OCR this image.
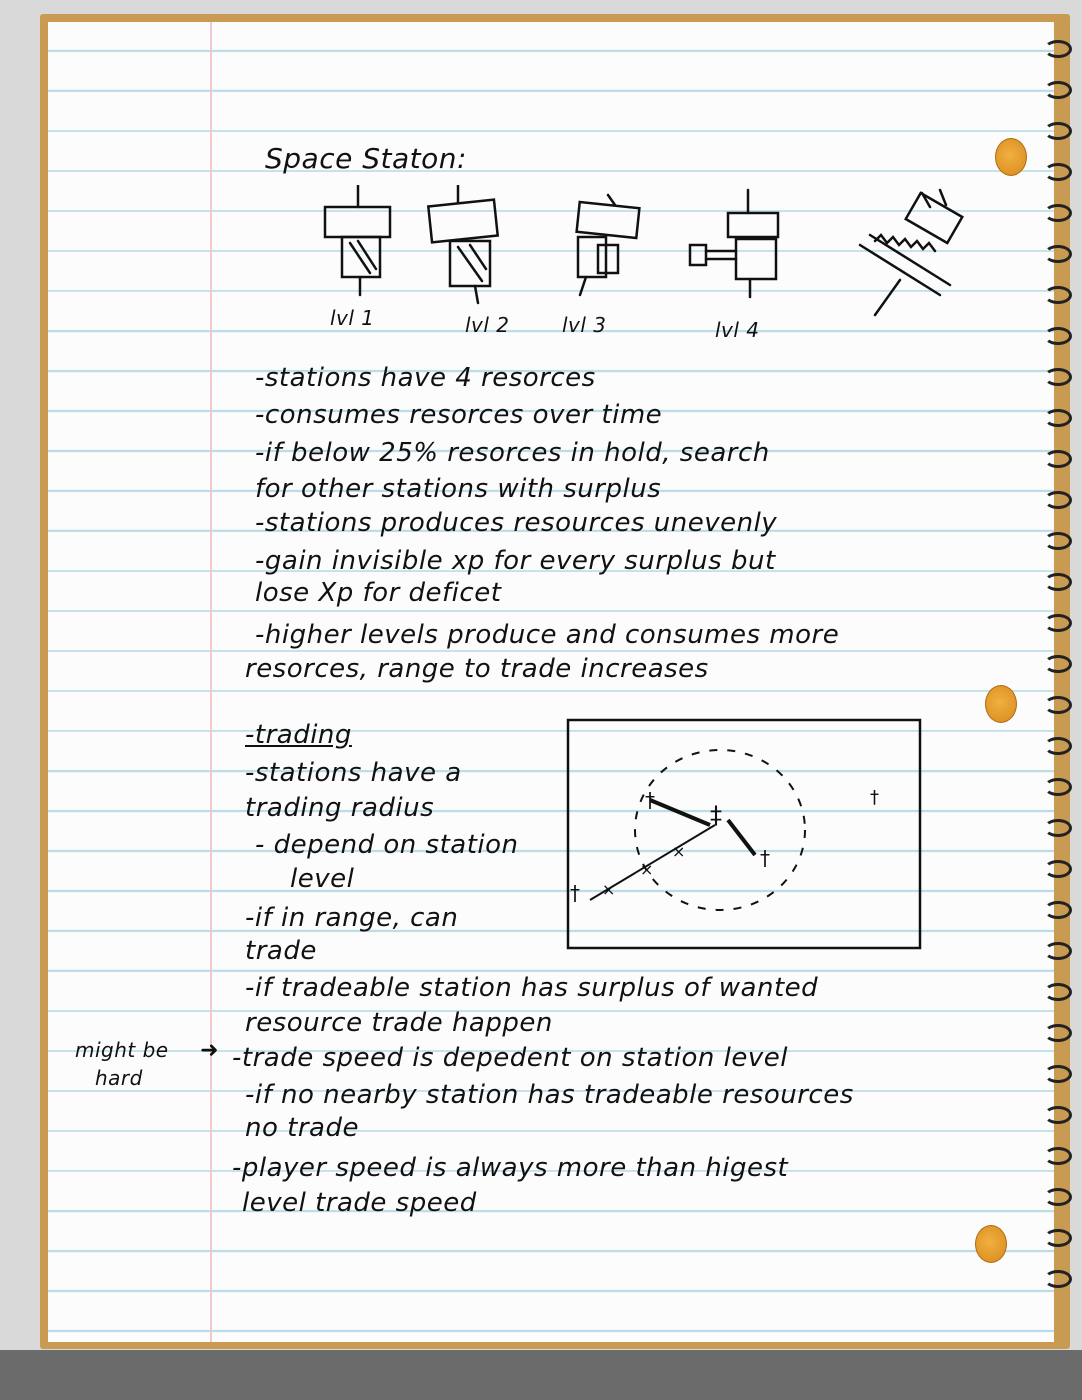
Space Staton:

lvl 1	lvl 2	lvl 3	lvl 4

-stations have 4 resorces

-consumes resorces over time

-if below 25% resorces in hold, search

for other stations with surplus

-stations produces resources unevenly

-gain invisible xp for every surplus but

lose Xp for deficet

-higher levels produce and consumes more

resorces, range to trade increases

-trading

-stations have a

trading radius

- depend on station

level

-if in range, can

trade

-if tradeable station has surplus of wanted

resource trade happen

-trade speed is depedent on station level

-if no nearby station has tradeable resources

no trade

-player speed is always more than higest

level trade speed

might be

hard

➜
†
‡
†
†
† ×
×
×
